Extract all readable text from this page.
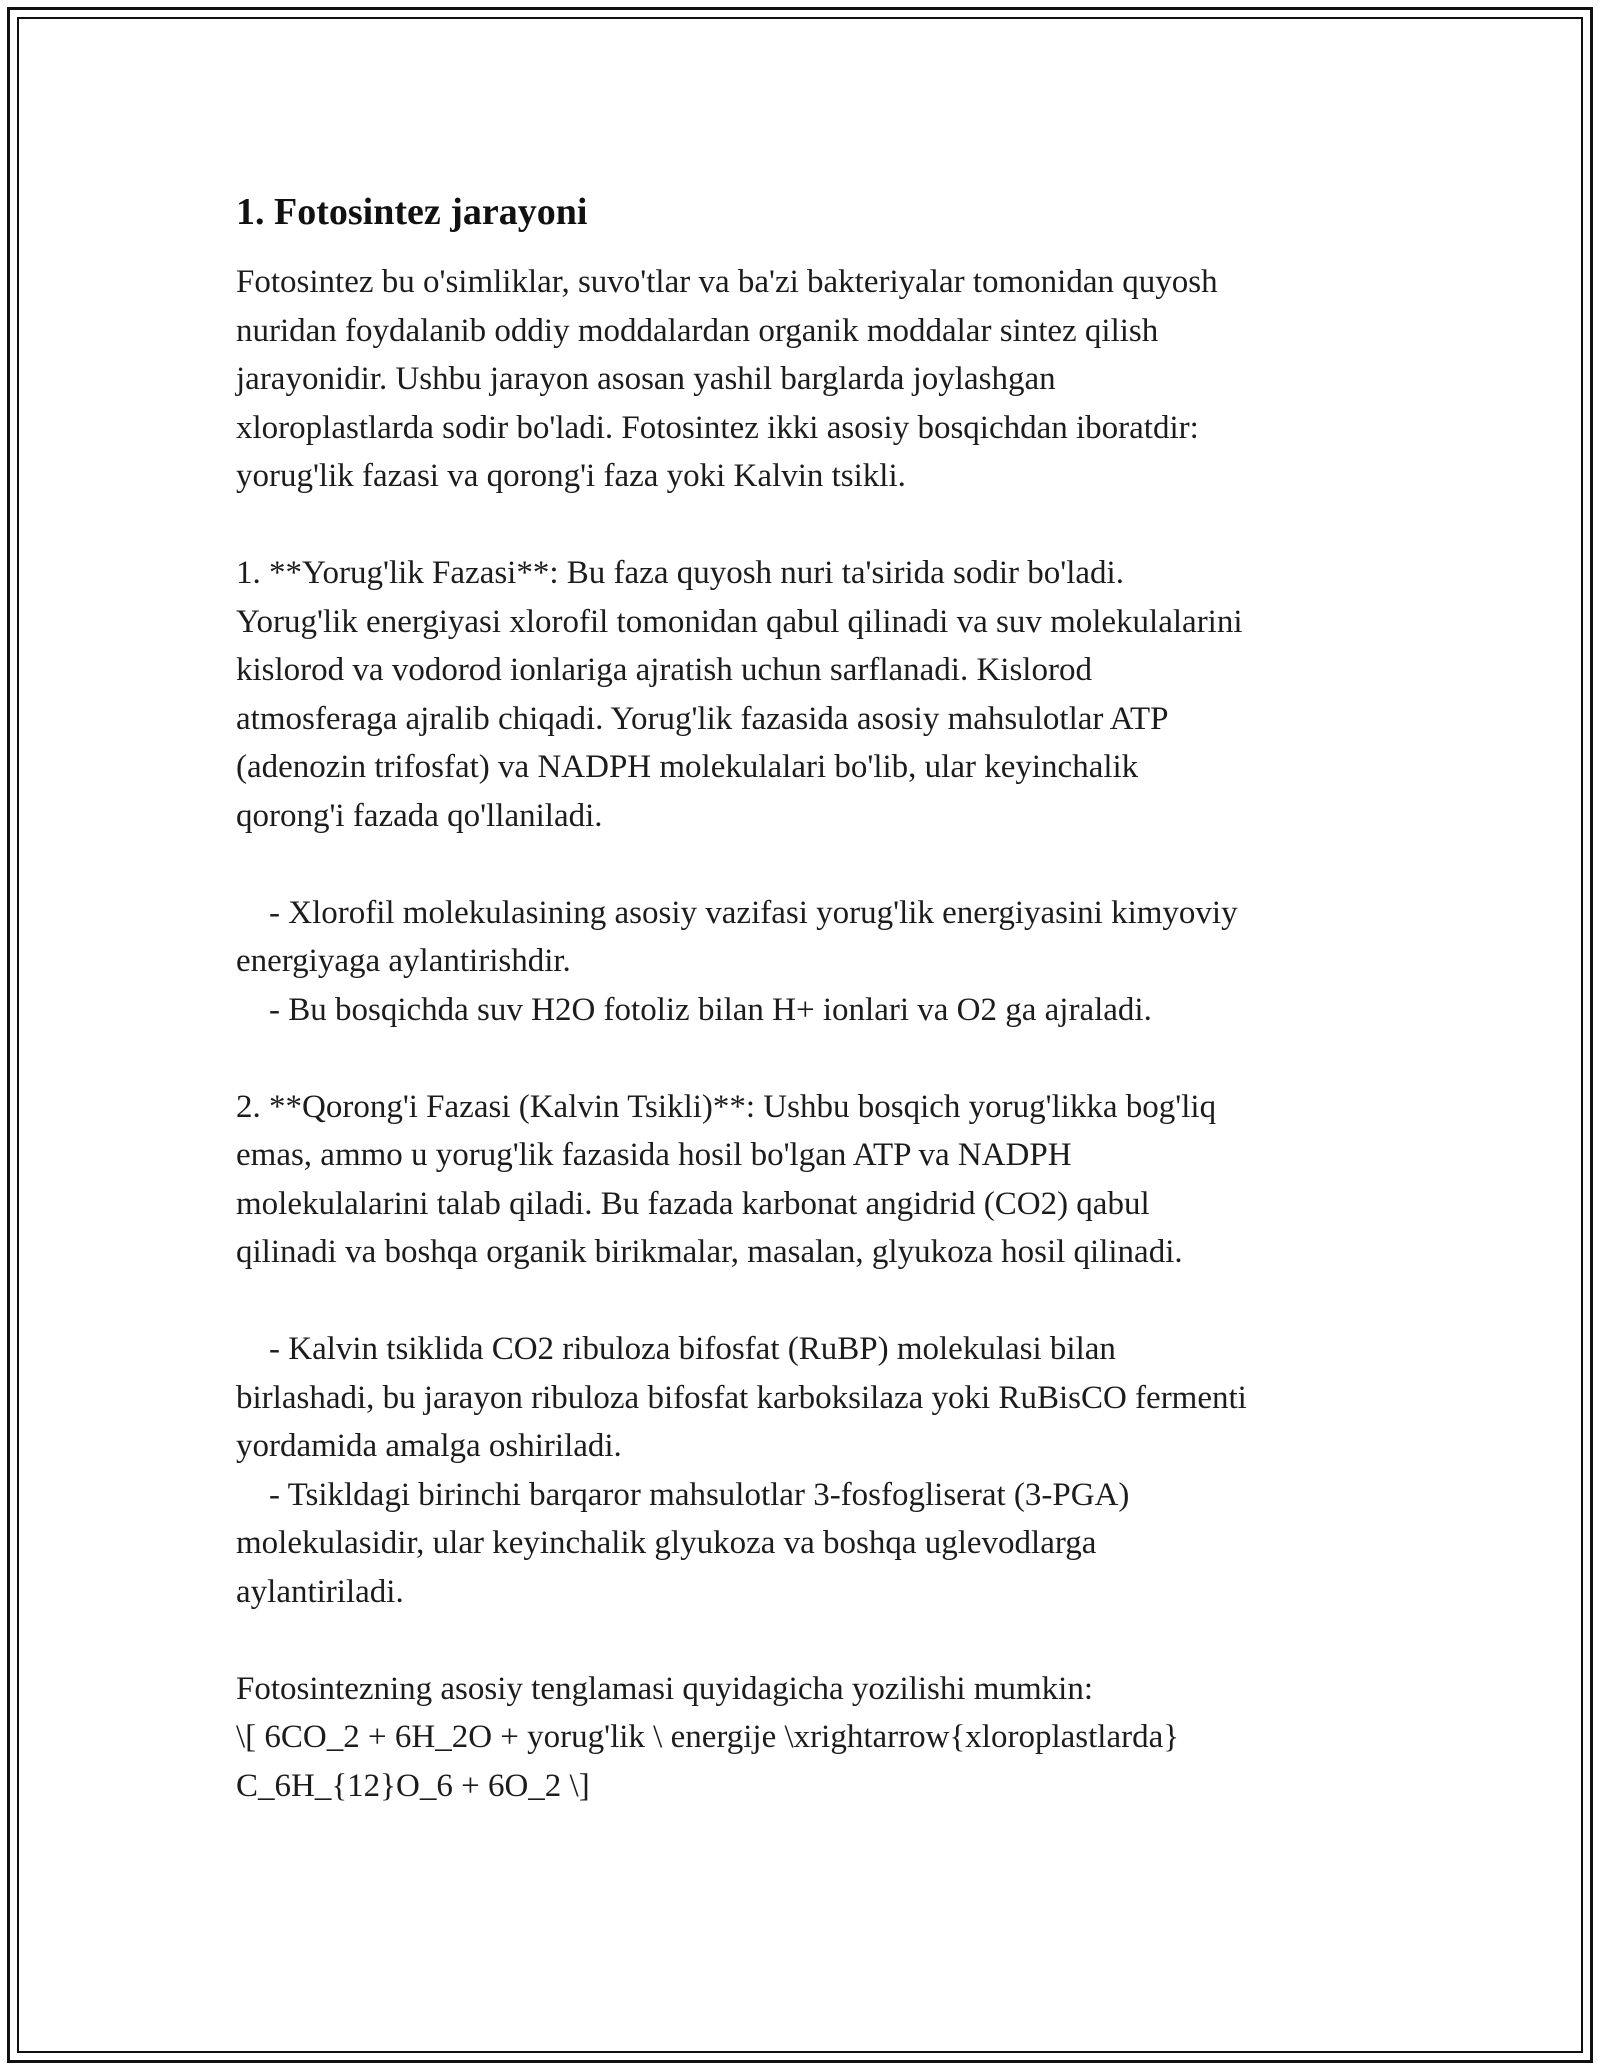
1. Fotosintez jarayoni

Fotosintez bu o'simliklar, suvo'tlar va ba'zi bakteriyalar tomonidan quyosh
nuridan foydalanib oddiy moddalardan organik moddalar sintez qilish
jarayonidir. Ushbu jarayon asosan yashil barglarda joylashgan
xloroplastlarda sodir bo'ladi. Fotosintez ikki asosiy bosqichdan iboratdir:
yorug'lik fazasi va qorong'i faza yoki Kalvin tsikli.

1. **Yorug'lik Fazasi**: Bu faza quyosh nuri ta'sirida sodir bo'ladi.
Yorug'lik energiyasi xlorofil tomonidan qabul qilinadi va suv molekulalarini
kislorod va vodorod ionlariga ajratish uchun sarflanadi. Kislorod
atmosferaga ajralib chiqadi. Yorug'lik fazasida asosiy mahsulotlar ATP
(adenozin trifosfat) va NADPH molekulalari bo'lib, ular keyinchalik
qorong'i fazada qo'llaniladi.

- Xlorofil molekulasining asosiy vazifasi yorug'lik energiyasini kimyoviy
energiyaga aylantirishdir.
- Bu bosqichda suv H2O fotoliz bilan H+ ionlari va O2 ga ajraladi.

2. **Qorong'i Fazasi (Kalvin Tsikli)**: Ushbu bosqich yorug'likka bog'liq
emas, ammo u yorug'lik fazasida hosil bo'lgan ATP va NADPH
molekulalarini talab qiladi. Bu fazada karbonat angidrid (CO2) qabul
qilinadi va boshqa organik birikmalar, masalan, glyukoza hosil qilinadi.

- Kalvin tsiklida CO2 ribuloza bifosfat (RuBP) molekulasi bilan
birlashadi, bu jarayon ribuloza bifosfat karboksilaza yoki RuBisCO fermenti
yordamida amalga oshiriladi.
- Tsikldagi birinchi barqaror mahsulotlar 3-fosfogliserat (3-PGA)
molekulasidir, ular keyinchalik glyukoza va boshqa uglevodlarga
aylantiriladi.

Fotosintezning asosiy tenglamasi quyidagicha yozilishi mumkin:
\[ 6CO_2 + 6H_2O + yorug'lik \ energije \xrightarrow{xloroplastlarda}
C_6H_{12}O_6 + 6O_2 \]
